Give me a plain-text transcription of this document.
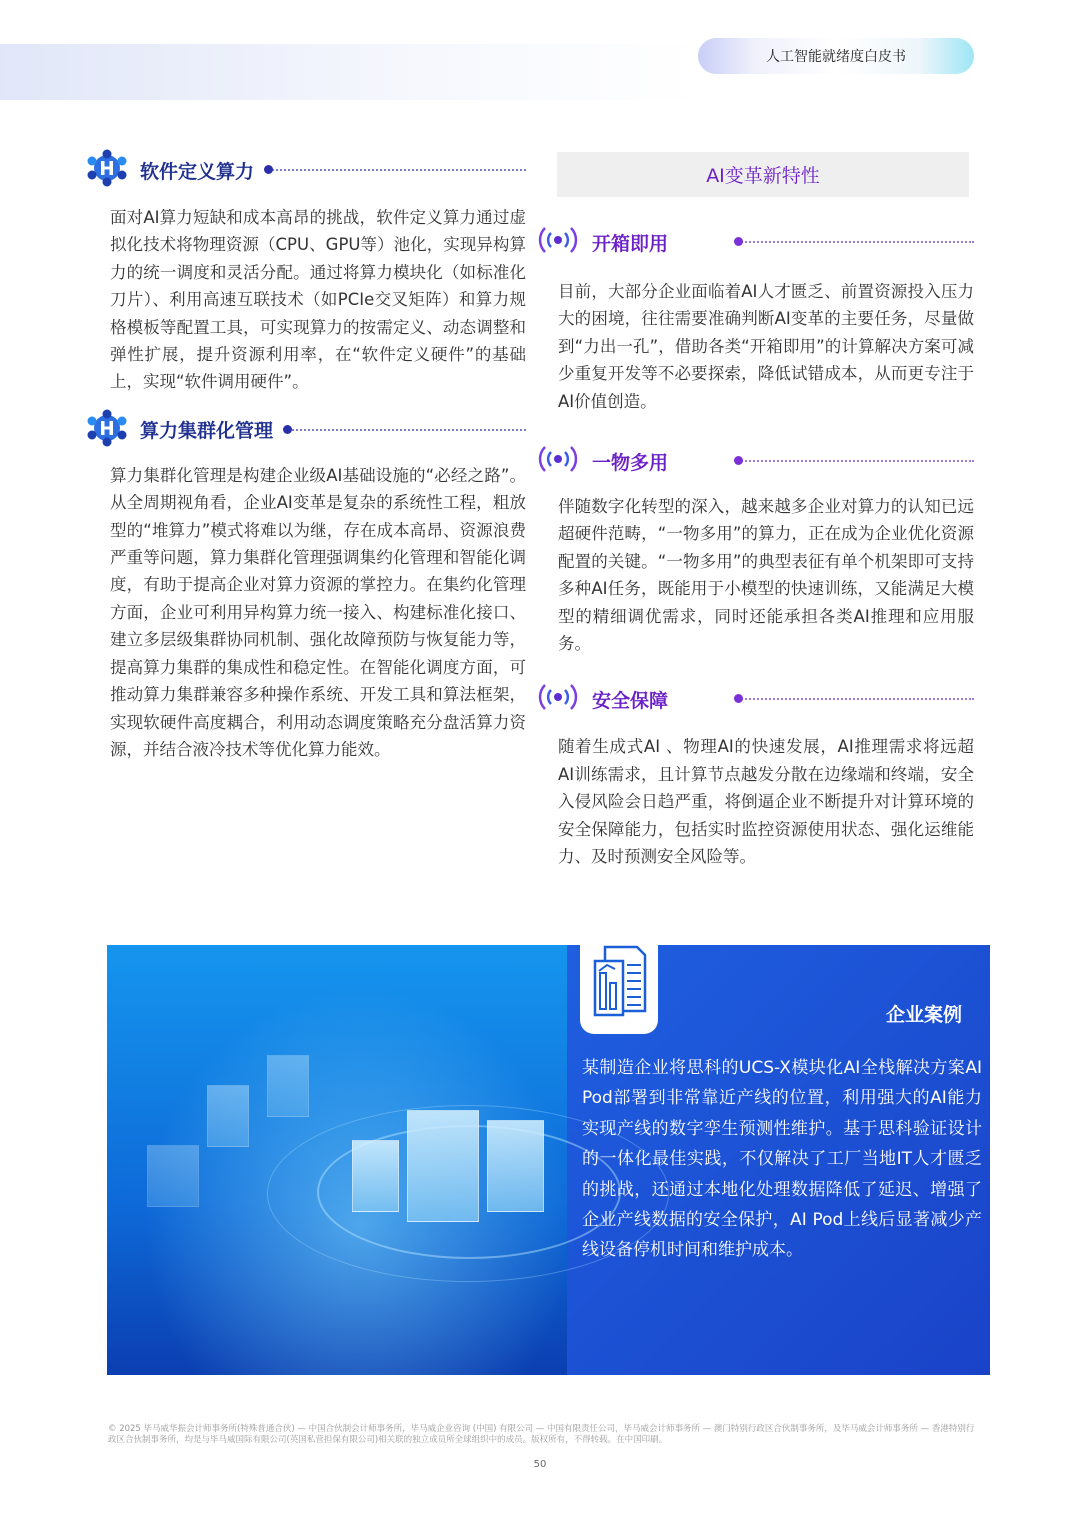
人工智能就绪度白皮书
软件定义算力
面对AI算力短缺和成本高昂的挑战，软件定义算力通过虚拟化技术将物理资源（CPU、GPU等）池化，实现异构算力的统一调度和灵活分配。通过将算力模块化（如标准化刀片）、利用高速互联技术（如PCIe交叉矩阵）和算力规格模板等配置工具，可实现算力的按需定义、动态调整和弹性扩展，提升资源利用率，在“软件定义硬件”的基础上，实现“软件调用硬件”。
算力集群化管理
算力集群化管理是构建企业级AI基础设施的“必经之路”。从全周期视角看，企业AI变革是复杂的系统性工程，粗放型的“堆算力”模式将难以为继，存在成本高昂、资源浪费严重等问题，算力集群化管理强调集约化管理和智能化调度，有助于提高企业对算力资源的掌控力。在集约化管理方面，企业可利用异构算力统一接入、构建标准化接口、建立多层级集群协同机制、强化故障预防与恢复能力等，提高算力集群的集成性和稳定性。在智能化调度方面，可推动算力集群兼容多种操作系统、开发工具和算法框架，实现软硬件高度耦合，利用动态调度策略充分盘活算力资源，并结合液冷技术等优化算力能效。
AI变革新特性
开箱即用
目前，大部分企业面临着AI人才匮乏、前置资源投入压力大的困境，往往需要准确判断AI变革的主要任务，尽量做到“力出一孔”，借助各类“开箱即用”的计算解决方案可减少重复开发等不必要探索，降低试错成本，从而更专注于AI价值创造。
一物多用
伴随数字化转型的深入，越来越多企业对算力的认知已远超硬件范畴，“一物多用”的算力，正在成为企业优化资源配置的关键。“一物多用”的典型表征有单个机架即可支持多种AI任务，既能用于小模型的快速训练，又能满足大模型的精细调优需求，同时还能承担各类AI推理和应用服务。
安全保障
随着生成式AI 、物理AI的快速发展，AI推理需求将远超AI训练需求，且计算节点越发分散在边缘端和终端，安全入侵风险会日趋严重，将倒逼企业不断提升对计算环境的安全保障能力，包括实时监控资源使用状态、强化运维能力、及时预测安全风险等。
企业案例
某制造企业将思科的UCS-X模块化AI全栈解决方案AI Pod部署到非常靠近产线的位置，利用强大的AI能力实现产线的数字孪生预测性维护。基于思科验证设计的一体化最佳实践，不仅解决了工厂当地IT人才匮乏的挑战，还通过本地化处理数据降低了延迟、增强了企业产线数据的安全保护，AI Pod上线后显著减少产线设备停机时间和维护成本。
© 2025 毕马威华振会计师事务所(特殊普通合伙) — 中国合伙制会计师事务所，毕马威企业咨询 (中国) 有限公司 — 中国有限责任公司，毕马威会计师事务所 — 澳门特别行政区合伙制事务所，及毕马威会计师事务所 — 香港特别行政区合伙制事务所，均是与毕马威国际有限公司(英国私营担保有限公司)相关联的独立成员所全球组织中的成员。版权所有，不得转载。在中国印刷。
50
